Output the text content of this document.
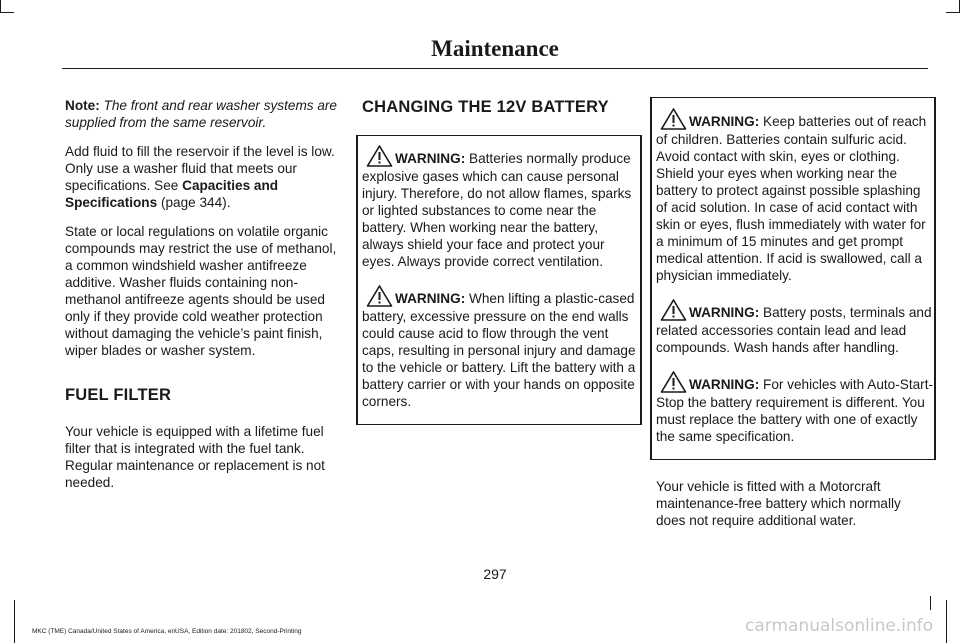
Maintenance

Note: The front and rear washer systems are supplied from the same reservoir.

Add fluid to fill the reservoir if the level is low. Only use a washer fluid that meets our specifications. See Capacities and Specifications (page 344).

State or local regulations on volatile organic compounds may restrict the use of methanol, a common windshield washer antifreeze additive. Washer fluids containing non-methanol antifreeze agents should be used only if they provide cold weather protection without damaging the vehicle’s paint finish, wiper blades or washer system.

FUEL FILTER

Your vehicle is equipped with a lifetime fuel filter that is integrated with the fuel tank. Regular maintenance or replacement is not needed.

CHANGING THE 12V BATTERY
WARNING: Batteries normally produce explosive gases which can cause personal injury. Therefore, do not allow flames, sparks or lighted substances to come near the battery. When working near the battery, always shield your face and protect your eyes. Always provide correct ventilation.
WARNING: When lifting a plastic-cased battery, excessive pressure on the end walls could cause acid to flow through the vent caps, resulting in personal injury and damage to the vehicle or battery. Lift the battery with a battery carrier or with your hands on opposite corners.
WARNING: Keep batteries out of reach of children. Batteries contain sulfuric acid. Avoid contact with skin, eyes or clothing. Shield your eyes when working near the battery to protect against possible splashing of acid solution. In case of acid contact with skin or eyes, flush immediately with water for a minimum of 15 minutes and get prompt medical attention. If acid is swallowed, call a physician immediately.
WARNING: Battery posts, terminals and related accessories contain lead and lead compounds. Wash hands after handling.
WARNING: For vehicles with Auto-Start-Stop the battery requirement is different. You must replace the battery with one of exactly the same specification.

Your vehicle is fitted with a Motorcraft maintenance-free battery which normally does not require additional water.

297
MKC (TME) Canada/United States of America, enUSA, Edition date: 201802, Second-Printing	carmanualsonline.info
